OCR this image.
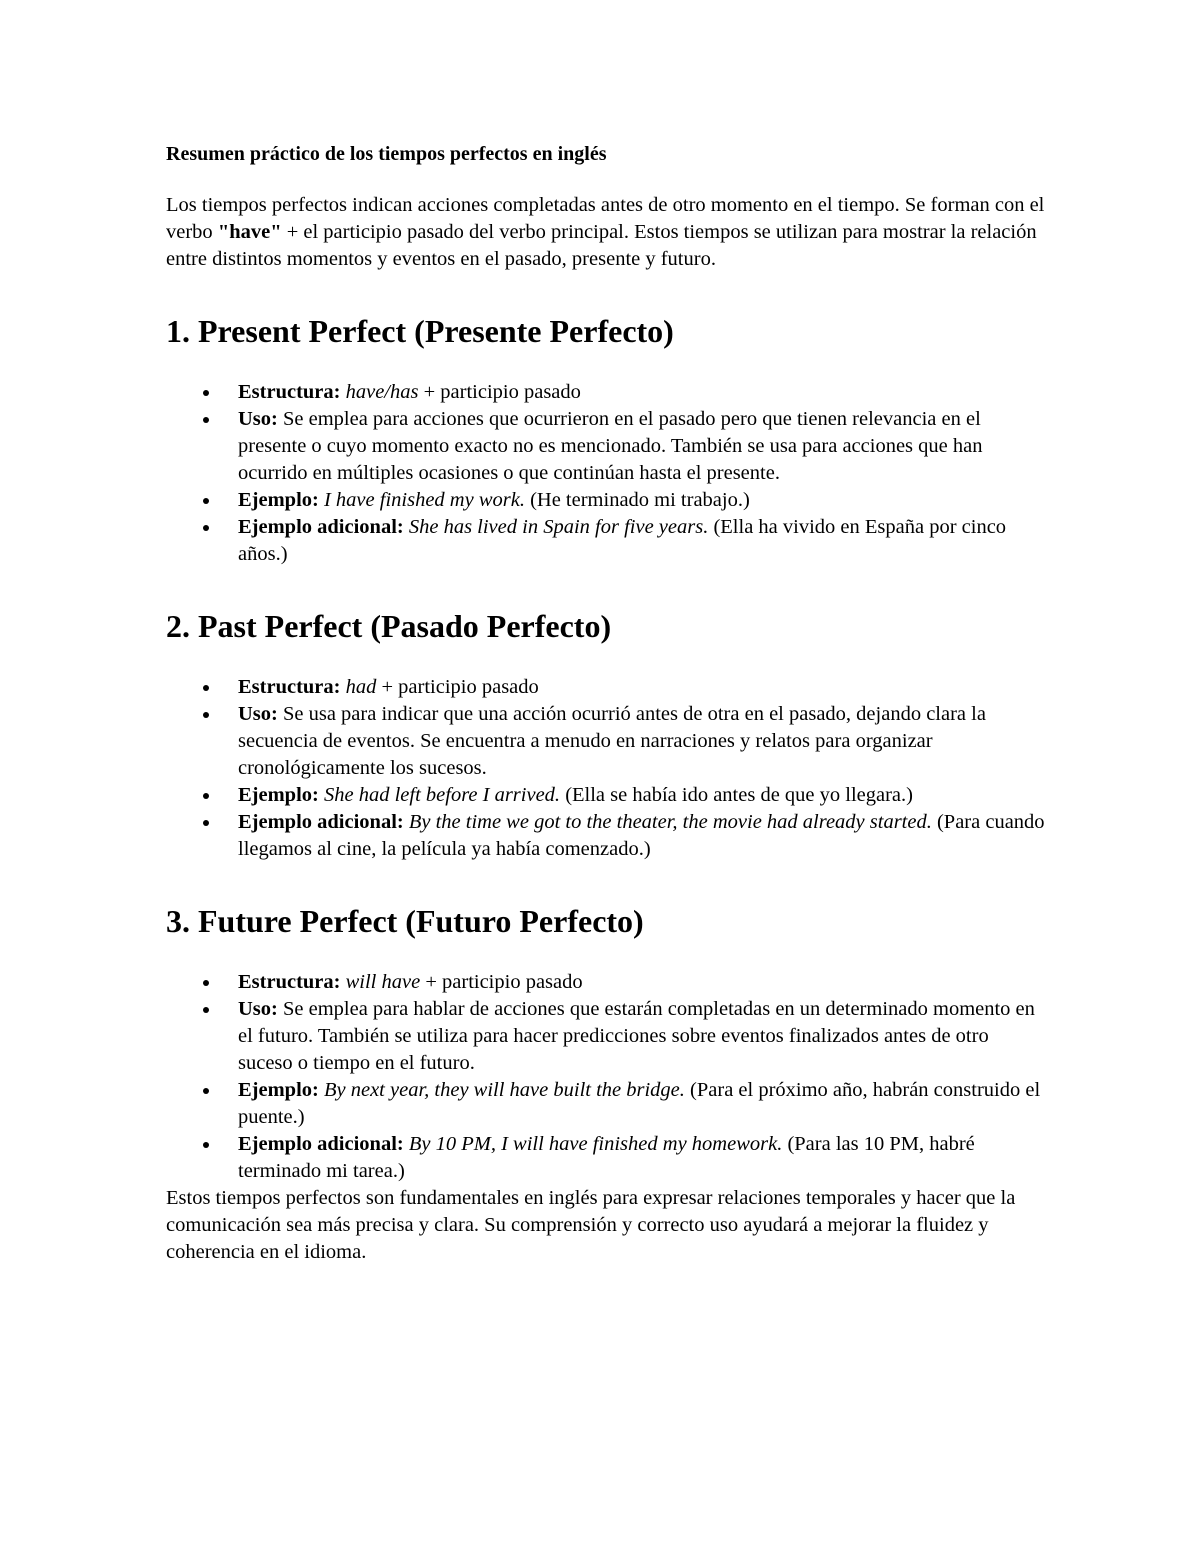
Resumen práctico de los tiempos perfectos en inglés

Los tiempos perfectos indican acciones completadas antes de otro momento en el tiempo. Se forman con el verbo "have" + el participio pasado del verbo principal. Estos tiempos se utilizan para mostrar la relación entre distintos momentos y eventos en el pasado, presente y futuro.

1. Present Perfect (Presente Perfecto)
Estructura: have/has + participio pasado
Uso: Se emplea para acciones que ocurrieron en el pasado pero que tienen relevancia en el presente o cuyo momento exacto no es mencionado. También se usa para acciones que han ocurrido en múltiples ocasiones o que continúan hasta el presente.
Ejemplo: I have finished my work. (He terminado mi trabajo.)
Ejemplo adicional: She has lived in Spain for five years. (Ella ha vivido en España por cinco años.)
2. Past Perfect (Pasado Perfecto)
Estructura: had + participio pasado
Uso: Se usa para indicar que una acción ocurrió antes de otra en el pasado, dejando clara la secuencia de eventos. Se encuentra a menudo en narraciones y relatos para organizar cronológicamente los sucesos.
Ejemplo: She had left before I arrived. (Ella se había ido antes de que yo llegara.)
Ejemplo adicional: By the time we got to the theater, the movie had already started. (Para cuando llegamos al cine, la película ya había comenzado.)
3. Future Perfect (Futuro Perfecto)
Estructura: will have + participio pasado
Uso: Se emplea para hablar de acciones que estarán completadas en un determinado momento en el futuro. También se utiliza para hacer predicciones sobre eventos finalizados antes de otro suceso o tiempo en el futuro.
Ejemplo: By next year, they will have built the bridge. (Para el próximo año, habrán construido el puente.)
Ejemplo adicional: By 10 PM, I will have finished my homework. (Para las 10 PM, habré terminado mi tarea.)

Estos tiempos perfectos son fundamentales en inglés para expresar relaciones temporales y hacer que la comunicación sea más precisa y clara. Su comprensión y correcto uso ayudará a mejorar la fluidez y coherencia en el idioma.
